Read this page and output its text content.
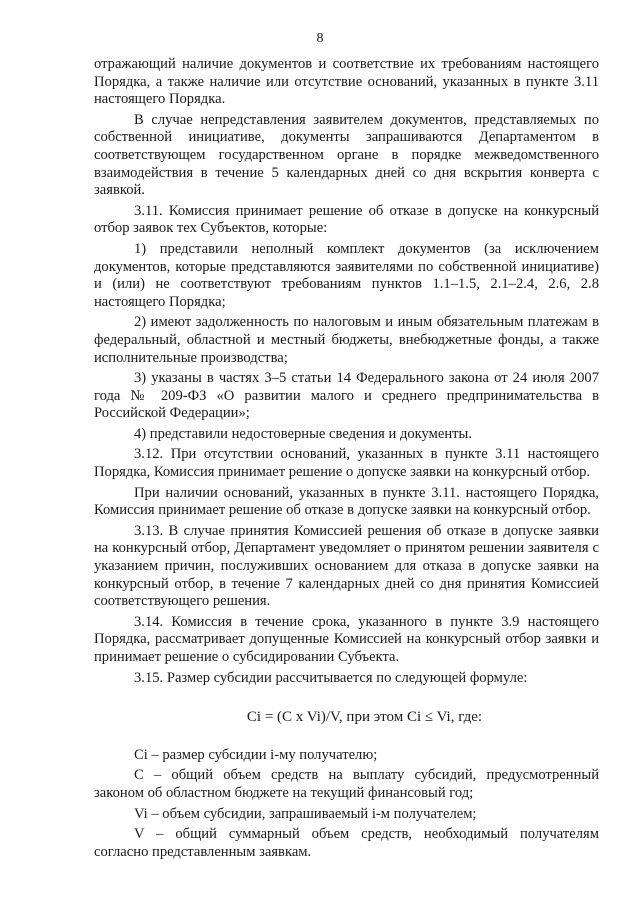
8

отражающий наличие документов и соответствие их требованиям настоящего Порядка, а также наличие или отсутствие оснований, указанных в пункте 3.11 настоящего Порядка.

В случае непредставления заявителем документов, представляемых по собственной инициативе, документы запрашиваются Департаментом в соответствующем государственном органе в порядке межведомственного взаимодействия в течение 5 календарных дней со дня вскрытия конверта с заявкой.

3.11. Комиссия принимает решение об отказе в допуске на конкурсный отбор заявок тех Субъектов, которые:

1) представили неполный комплект документов (за исключением документов, которые представляются заявителями по собственной инициативе) и (или) не соответствуют требованиям пунктов 1.1–1.5, 2.1–2.4, 2.6, 2.8 настоящего Порядка;

2) имеют задолженность по налоговым и иным обязательным платежам в федеральный, областной и местный бюджеты, внебюджетные фонды, а также исполнительные производства;

3) указаны в частях 3–5 статьи 14 Федерального закона от 24 июля 2007 года № 209-ФЗ «О развитии малого и среднего предпринимательства в Российской Федерации»;

4) представили недостоверные сведения и документы.

3.12. При отсутствии оснований, указанных в пункте 3.11 настоящего Порядка, Комиссия принимает решение о допуске заявки на конкурсный отбор.

При наличии оснований, указанных в пункте 3.11. настоящего Порядка, Комиссия принимает решение об отказе в допуске заявки на конкурсный отбор.

3.13. В случае принятия Комиссией решения об отказе в допуске заявки на конкурсный отбор, Департамент уведомляет о принятом решении заявителя с указанием причин, послуживших основанием для отказа в допуске заявки на конкурсный отбор, в течение 7 календарных дней со дня принятия Комиссией соответствующего решения.

3.14. Комиссия в течение срока, указанного в пункте 3.9 настоящего Порядка, рассматривает допущенные Комиссией на конкурсный отбор заявки и принимает решение о субсидировании Субъекта.

3.15. Размер субсидии рассчитывается по следующей формуле:

Ci = (C x Vi)/V, при этом Ci ≤ Vi, где:

Ci – размер субсидии i-му получателю;

C – общий объем средств на выплату субсидий, предусмотренный законом об областном бюджете на текущий финансовый год;

Vi – объем субсидии, запрашиваемый i-м получателем;

V – общий суммарный объем средств, необходимый получателям согласно представленным заявкам.
